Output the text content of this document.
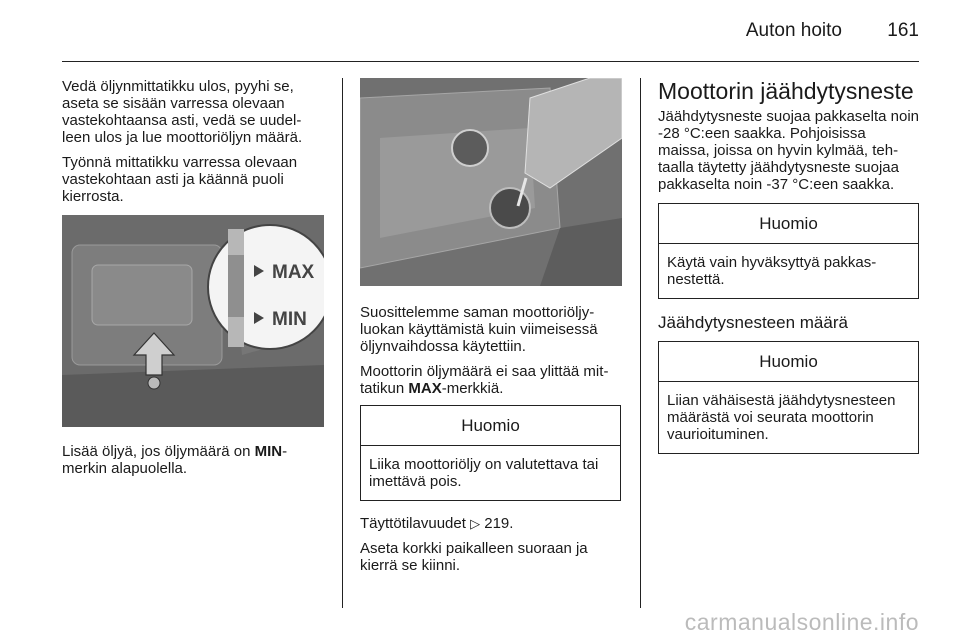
Auton hoito 161

Vedä öljynmittatikku ulos, pyyhi se, aseta se sisään varressa olevaan vastekohtaansa asti, vedä se uudelleen ulos ja lue moottoriöljyn määrä.

Työnnä mittatikku varressa olevaan vastekohtaan asti ja käännä puoli kierrosta.

MAX
MIN

Lisää öljyä, jos öljymäärä on MIN-merkin alapuolella.

Suosittelemme saman moottoriöljyluokan käyttämistä kuin viimeisessä öljynvaihdossa käytettiin.

Moottorin öljymäärä ei saa ylittää mittatikun MAX-merkkiä.

Huomio
Liika moottoriöljy on valutettava tai imettävä pois.

Täyttötilavuudet ▷ 219.

Aseta korkki paikalleen suoraan ja kierrä se kiinni.

Moottorin jäähdytysneste

Jäähdytysneste suojaa pakkaselta noin -28 °C:een saakka. Pohjoisissa maissa, joissa on hyvin kylmää, tehtaalla täytetty jäähdytysneste suojaa pakkaselta noin -37 °C:een saakka.

Huomio
Käytä vain hyväksyttyä pakkasnestettä.
Jäähdytysnesteen määrä
Huomio
Liian vähäisestä jäähdytysnesteen määrästä voi seurata moottorin vaurioituminen.
carmanualsonline.info
